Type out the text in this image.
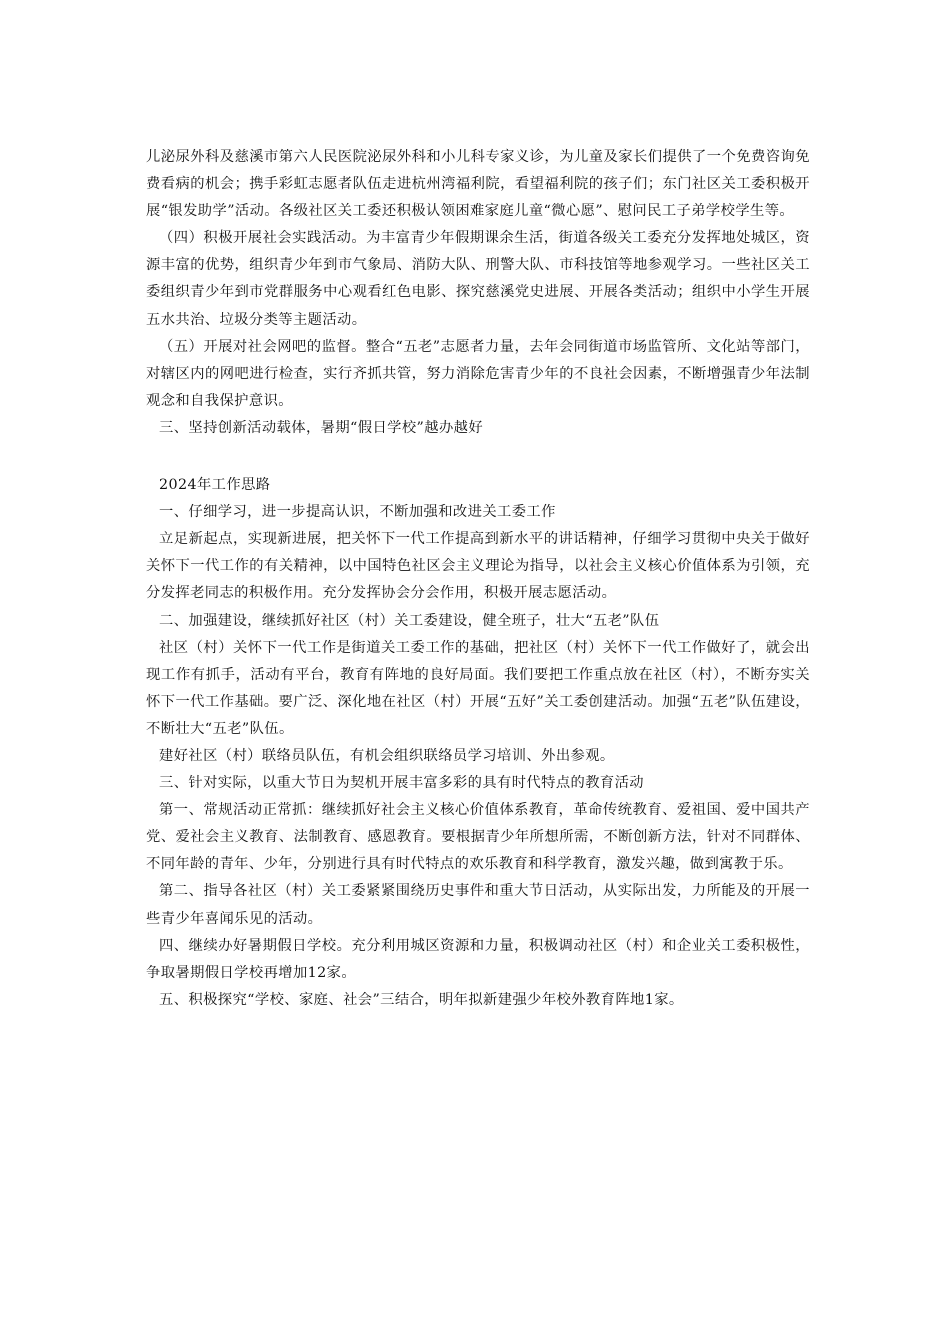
儿泌尿外科及慈溪市第六人民医院泌尿外科和小儿科专家义诊，为儿童及家长们提供了一个免费咨询免费看病的机会；携手彩虹志愿者队伍走进杭州湾福利院，看望福利院的孩子们；东门社区关工委积极开展“银发助学”活动。各级社区关工委还积极认领困难家庭儿童“微心愿”、慰问民工子弟学校学生等。

（四）积极开展社会实践活动。为丰富青少年假期课余生活，街道各级关工委充分发挥地处城区，资源丰富的优势，组织青少年到市气象局、消防大队、刑警大队、市科技馆等地参观学习。一些社区关工委组织青少年到市党群服务中心观看红色电影、探究慈溪党史进展、开展各类活动；组织中小学生开展五水共治、垃圾分类等主题活动。

（五）开展对社会网吧的监督。整合“五老”志愿者力量，去年会同街道市场监管所、文化站等部门，对辖区内的网吧进行检查，实行齐抓共管，努力消除危害青少年的不良社会因素，不断增强青少年法制观念和自我保护意识。

三、坚持创新活动载体，暑期“假日学校”越办越好

2024年工作思路

一、仔细学习，进一步提高认识，不断加强和改进关工委工作

立足新起点，实现新进展，把关怀下一代工作提高到新水平的讲话精神，仔细学习贯彻中央关于做好关怀下一代工作的有关精神，以中国特色社区会主义理论为指导，以社会主义核心价值体系为引领，充分发挥老同志的积极作用。充分发挥协会分会作用，积极开展志愿活动。

二、加强建设，继续抓好社区（村）关工委建设，健全班子，壮大“五老”队伍

社区（村）关怀下一代工作是街道关工委工作的基础，把社区（村）关怀下一代工作做好了，就会出现工作有抓手，活动有平台，教育有阵地的良好局面。我们要把工作重点放在社区（村），不断夯实关怀下一代工作基础。要广泛、深化地在社区（村）开展“五好”关工委创建活动。加强“五老”队伍建设，不断壮大“五老”队伍。

建好社区（村）联络员队伍，有机会组织联络员学习培训、外出参观。

三、针对实际，以重大节日为契机开展丰富多彩的具有时代特点的教育活动

第一、常规活动正常抓：继续抓好社会主义核心价值体系教育，革命传统教育、爱祖国、爱中国共产党、爱社会主义教育、法制教育、感恩教育。要根据青少年所想所需，不断创新方法，针对不同群体、不同年龄的青年、少年，分别进行具有时代特点的欢乐教育和科学教育，激发兴趣，做到寓教于乐。

第二、指导各社区（村）关工委紧紧围绕历史事件和重大节日活动，从实际出发，力所能及的开展一些青少年喜闻乐见的活动。

四、继续办好暑期假日学校。充分利用城区资源和力量，积极调动社区（村）和企业关工委积极性，争取暑期假日学校再增加12家。

五、积极探究“学校、家庭、社会”三结合，明年拟新建强少年校外教育阵地1家。
